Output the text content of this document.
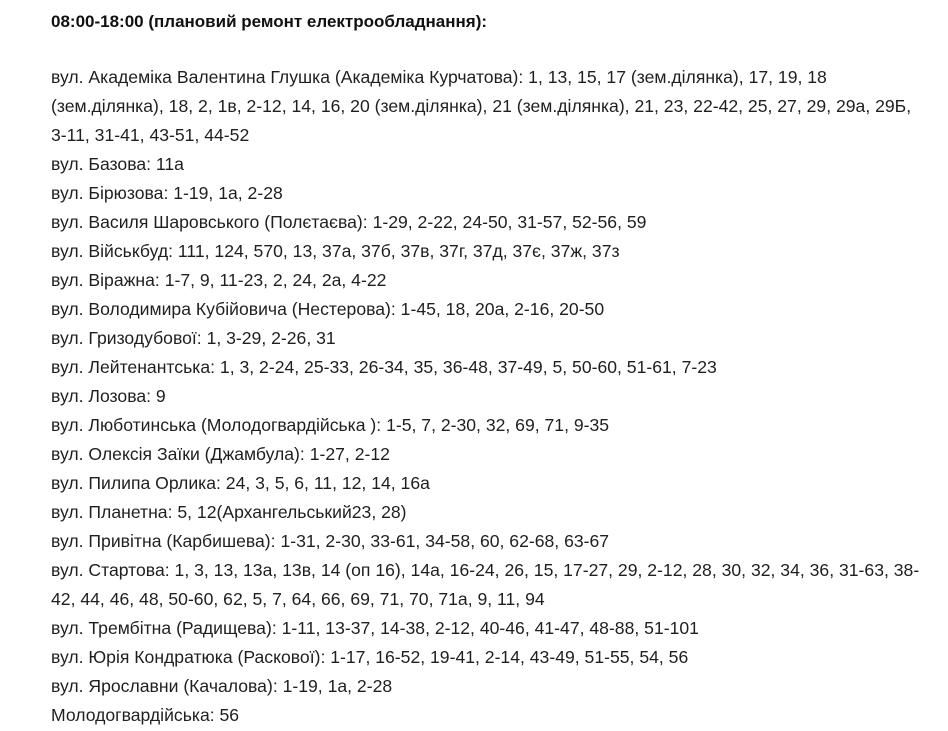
08:00-18:00 (плановий ремонт електрообладнання):
вул. Академіка Валентина Глушка (Академіка Курчатова) : 1, 13, 15, 17 (зем.ділянка), 17, 19, 18 (зем.ділянка), 18, 2, 1в, 2-12, 14, 16, 20 (зем.ділянка), 21 (зем.ділянка), 21, 23, 22-42, 25, 27, 29, 29а, 29Б, 3-11, 31-41, 43-51, 44-52
вул. Базова : 11а
вул. Бірюзова : 1-19, 1а, 2-28
вул. Василя Шаровського (Полєтаєва) : 1-29, 2-22, 24-50, 31-57, 52-56, 59
вул. Військбуд : 111, 124, 570, 13, 37а, 37б, 37в, 37г, 37д, 37є, 37ж, 37з
вул. Віражна : 1-7, 9, 11-23, 2, 24, 2а, 4-22
вул. Володимира Кубійовича (Нестерова) : 1-45, 18, 20а, 2-16, 20-50
вул. Гризодубової : 1, 3-29, 2-26, 31
вул. Лейтенантська : 1, 3, 2-24, 25-33, 26-34, 35, 36-48, 37-49, 5, 50-60, 51-61, 7-23
вул. Лозова : 9
вул. Люботинська (Молодогвардійська ) : 1-5, 7, 2-30, 32, 69, 71, 9-35
вул. Олексія Заїки (Джамбула) : 1-27, 2-12
вул. Пилипа Орлика : 24, 3, 5, 6, 11, 12, 14, 16а
вул. Планетна : 5, 12(Архангельський23, 28)
вул. Привітна (Карбишева) : 1-31, 2-30, 33-61, 34-58, 60, 62-68, 63-67
вул. Стартова : 1, 3, 13, 13а, 13в, 14 (оп 16), 14а, 16-24, 26, 15, 17-27, 29, 2-12, 28, 30, 32, 34, 36, 31-63, 38-42, 44, 46, 48, 50-60, 62, 5, 7, 64, 66, 69, 71, 70, 71а, 9, 11, 94
вул. Трембітна (Радищева) : 1-11, 13-37, 14-38, 2-12, 40-46, 41-47, 48-88, 51-101
вул. Юрія Кондратюка (Раскової) : 1-17, 16-52, 19-41, 2-14, 43-49, 51-55, 54, 56
вул. Ярославни (Качалова) : 1-19, 1а, 2-28
Молодогвардійська : 56
